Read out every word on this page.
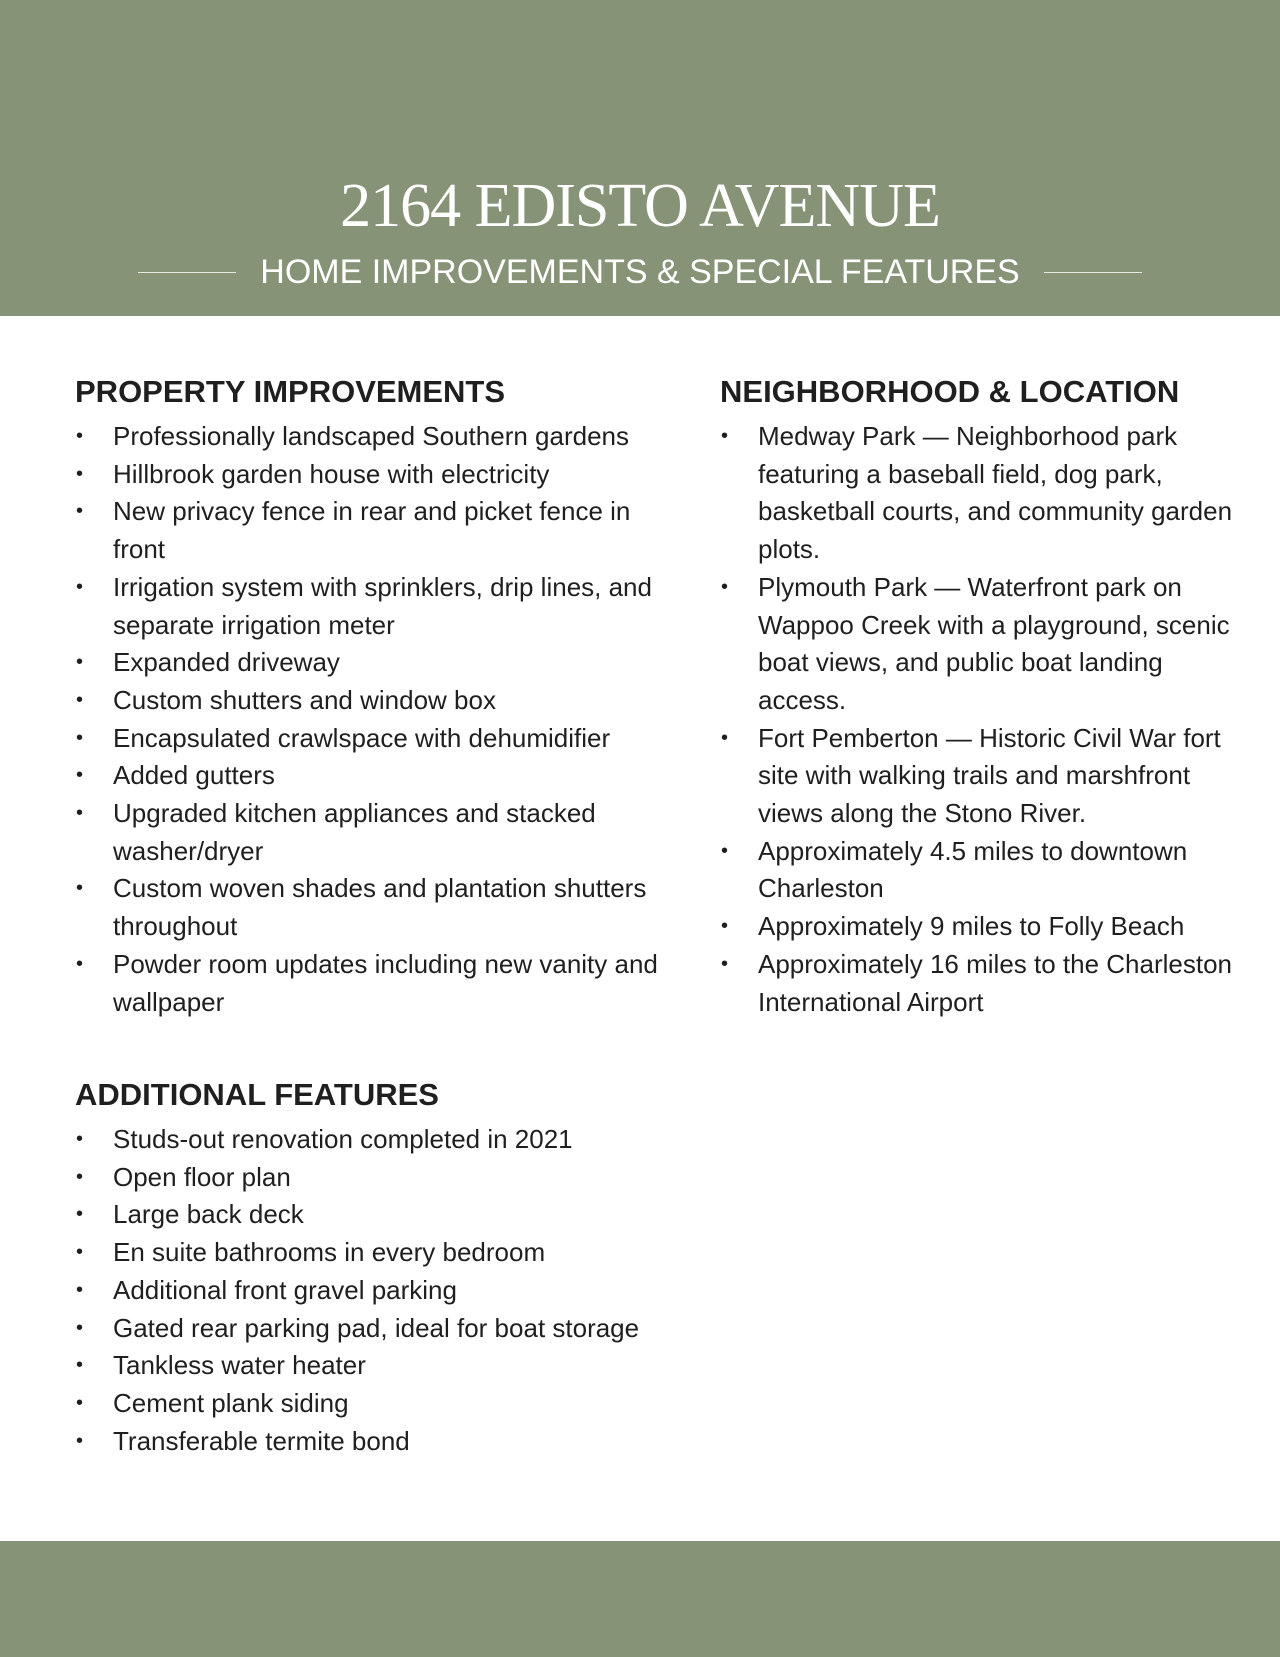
2164 EDISTO AVENUE
HOME IMPROVEMENTS & SPECIAL FEATURES
PROPERTY IMPROVEMENTS
• Professionally landscaped Southern gardens
• Hillbrook garden house with electricity
• New privacy fence in rear and picket fence in front
• Irrigation system with sprinklers, drip lines, and separate irrigation meter
• Expanded driveway
• Custom shutters and window box
• Encapsulated crawlspace with dehumidifier
• Added gutters
• Upgraded kitchen appliances and stacked washer/dryer
• Custom woven shades and plantation shutters throughout
• Powder room updates including new vanity and wallpaper
NEIGHBORHOOD & LOCATION
• Medway Park — Neighborhood park featuring a baseball field, dog park, basketball courts, and community garden plots.
• Plymouth Park — Waterfront park on Wappoo Creek with a playground, scenic boat views, and public boat landing access.
• Fort Pemberton — Historic Civil War fort site with walking trails and marshfront views along the Stono River.
• Approximately 4.5 miles to downtown Charleston
• Approximately 9 miles to Folly Beach
• Approximately 16 miles to the Charleston International Airport
ADDITIONAL FEATURES
• Studs-out renovation completed in 2021
• Open floor plan
• Large back deck
• En suite bathrooms in every bedroom
• Additional front gravel parking
• Gated rear parking pad, ideal for boat storage
• Tankless water heater
• Cement plank siding
• Transferable termite bond
